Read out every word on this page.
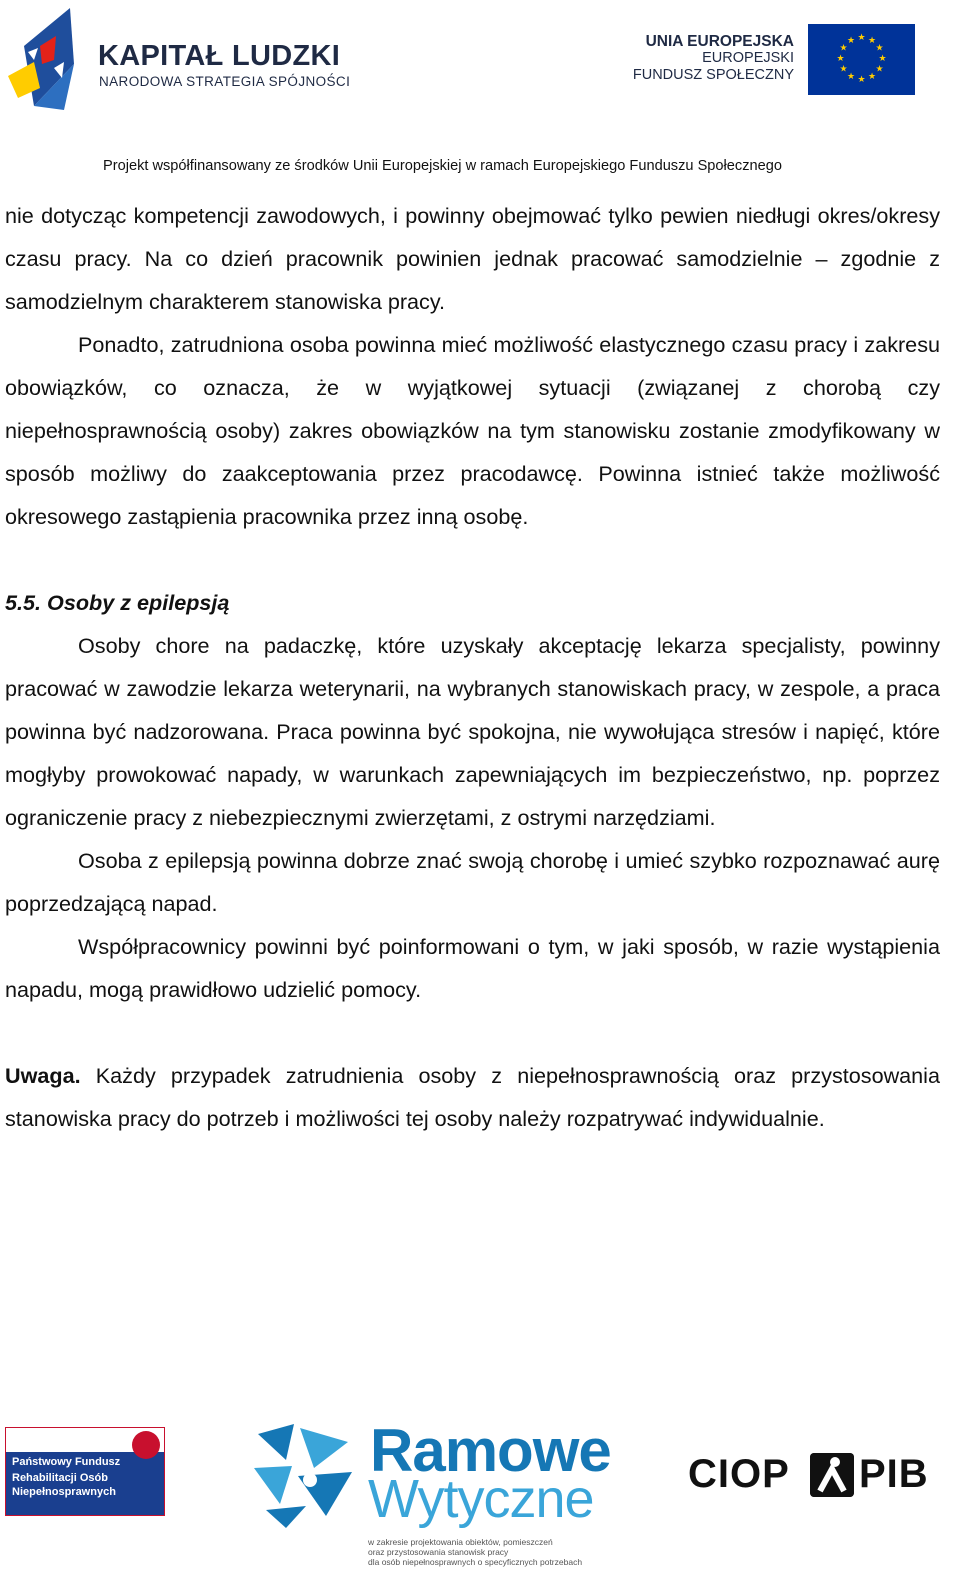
KAPITAŁ LUDZKI
NARODOWA STRATEGIA SPÓJNOŚCI
UNIA EUROPEJSKA
EUROPEJSKI
FUNDUSZ SPOŁECZNY
★ ★
★
★
★
★
★
★
★
★
★
★
Projekt współfinansowany ze środków Unii Europejskiej w ramach Europejskiego Funduszu Społecznego

nie dotycząc kompetencji zawodowych, i powinny obejmować tylko pewien niedługi okres/okresy czasu pracy. Na co dzień pracownik powinien jednak pracować samodzielnie – zgodnie z samodzielnym charakterem stanowiska pracy.

Ponadto, zatrudniona osoba powinna mieć możliwość elastycznego czasu pracy i zakresu obowiązków, co oznacza, że w wyjątkowej sytuacji (związanej z chorobą czy niepełnosprawnością osoby) zakres obowiązków na tym stanowisku zostanie zmodyfikowany w sposób możliwy do zaakceptowania przez pracodawcę. Powinna istnieć także możliwość okresowego zastąpienia pracownika przez inną osobę.

5.5. Osoby z epilepsją

Osoby chore na padaczkę, które uzyskały akceptację lekarza specjalisty, powinny pracować w zawodzie lekarza weterynarii, na wybranych stanowiskach pracy, w zespole, a praca powinna być nadzorowana. Praca powinna być spokojna, nie wywołująca stresów i napięć, które mogłyby prowokować napady, w warunkach zapewniających im bezpieczeństwo, np. poprzez ograniczenie pracy z niebezpiecznymi zwierzętami, z ostrymi narzędziami.

Osoba z epilepsją powinna dobrze znać swoją chorobę i umieć szybko rozpoznawać aurę poprzedzającą napad.

Współpracownicy powinni być poinformowani o tym, w jaki sposób, w razie wystąpienia napadu, mogą prawidłowo udzielić pomocy.

Uwaga. Każdy przypadek zatrudnienia osoby z niepełnosprawnością oraz przystosowania stanowiska pracy do potrzeb i możliwości tej osoby należy rozpatrywać indywidualnie.

Państwowy Fundusz
Rehabilitacji Osób
Niepełnosprawnych
Ramowe
Wytyczne
w zakresie projektowania obiektów, pomieszczeń
oraz przystosowania stanowisk pracy
dla osób niepełnosprawnych o specyficznych potrzebach
CIOP PIB
